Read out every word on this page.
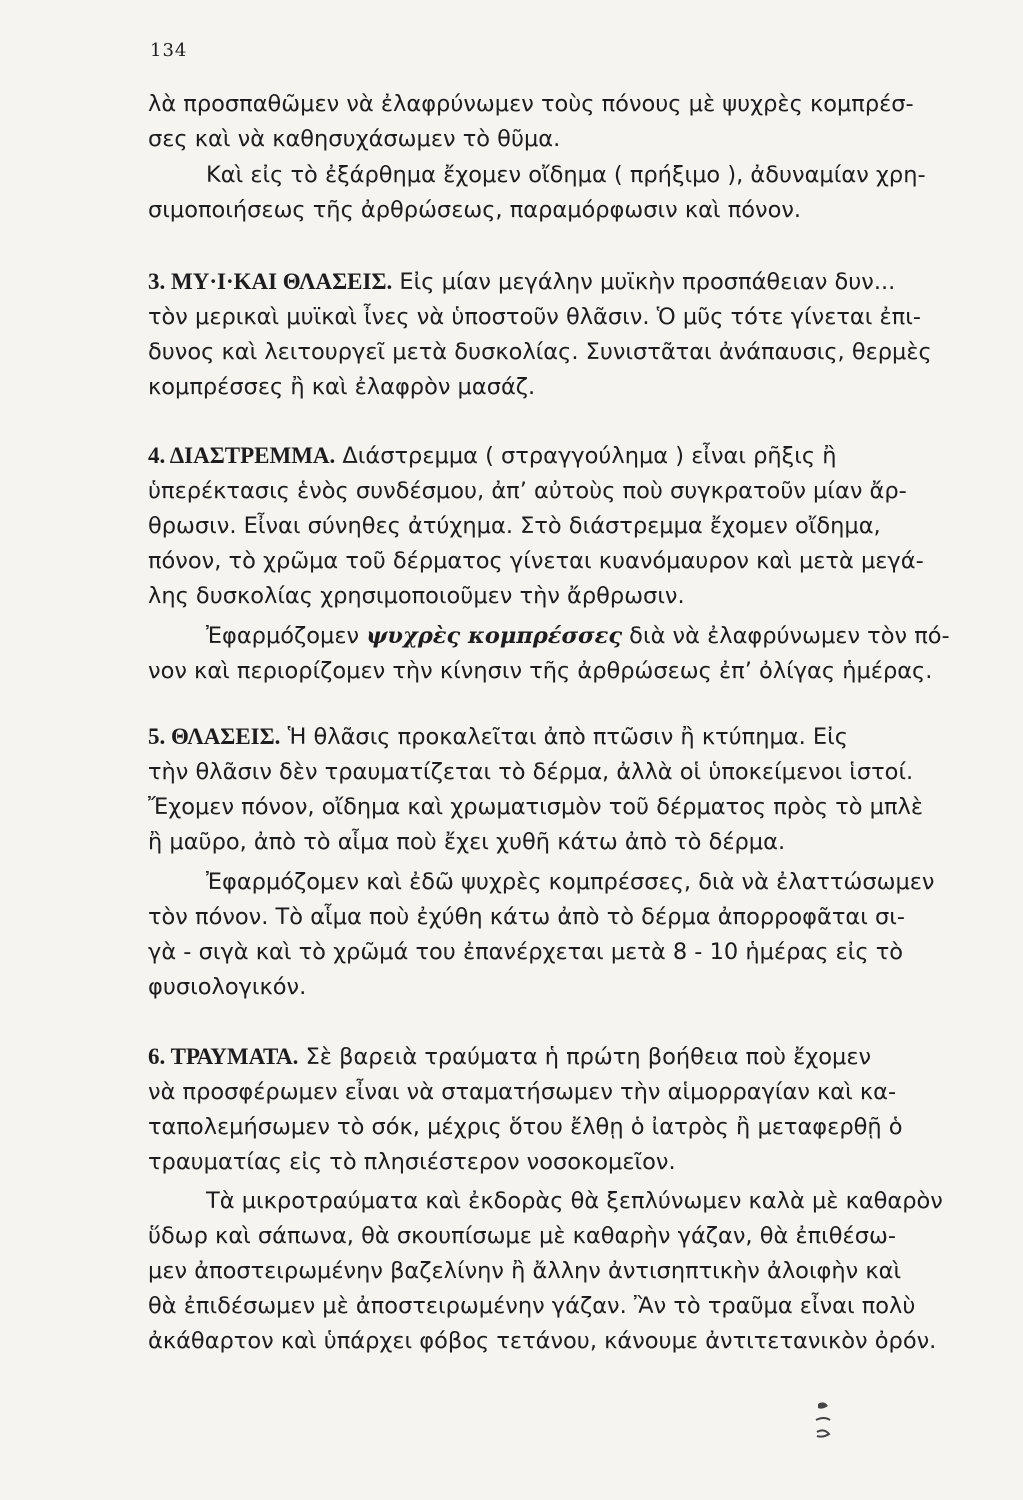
134
λὰ προσπαθῶμεν νὰ ἐλαφρύνωμεν τοὺς πόνους μὲ ψυχρὲς κομπρέσ-
σες καὶ νὰ καθησυχάσωμεν τὸ θῦμα.
Καὶ εἰς τὸ ἐξάρθημα ἔχομεν οἴδημα ( πρήξιμο ), ἀδυναμίαν χρη-
σιμοποιήσεως τῆς ἀρθρώσεως, παραμόρφωσιν καὶ πόνον.
3. ΜΥ·Ι·ΚΑΙ ΘΛΑΣΕΙΣ. Εἰς μίαν μεγάλην μυϊκὴν προσπάθειαν δυν...
τὸν μερικαὶ μυϊκαὶ ἶνες νὰ ὑποστοῦν θλᾶσιν. Ὁ μῦς τότε γίνεται ἐπι-
δυνος καὶ λειτουργεῖ μετὰ δυσκολίας. Συνιστᾶται ἀνάπαυσις, θερμὲς
κομπρέσσες ἢ καὶ ἐλαφρὸν μασάζ.
4. ΔΙΑΣΤΡΕΜΜΑ. Διάστρεμμα ( στραγγούλημα ) εἶναι ρῆξις ἢ
ὑπερέκτασις ἑνὸς συνδέσμου, ἀπ’ αὐτοὺς ποὺ συγκρατοῦν μίαν ἄρ-
θρωσιν. Εἶναι σύνηθες ἀτύχημα. Στὸ διάστρεμμα ἔχομεν οἴδημα,
πόνον, τὸ χρῶμα τοῦ δέρματος γίνεται κυανόμαυρον καὶ μετὰ μεγά-
λης δυσκολίας χρησιμοποιοῦμεν τὴν ἄρθρωσιν.
Ἐφαρμόζομεν ψυχρὲς κομπρέσσες διὰ νὰ ἐλαφρύνωμεν τὸν πό-
νον καὶ περιορίζομεν τὴν κίνησιν τῆς ἀρθρώσεως ἐπ’ ὀλίγας ἡμέρας.
5. ΘΛΑΣΕΙΣ. Ἡ θλᾶσις προκαλεῖται ἀπὸ πτῶσιν ἢ κτύπημα. Εἰς
τὴν θλᾶσιν δὲν τραυματίζεται τὸ δέρμα, ἀλλὰ οἱ ὑποκείμενοι ἱστοί.
Ἔχομεν πόνον, οἴδημα καὶ χρωματισμὸν τοῦ δέρματος πρὸς τὸ μπλὲ
ἢ μαῦρο, ἀπὸ τὸ αἷμα ποὺ ἔχει χυθῆ κάτω ἀπὸ τὸ δέρμα.
Ἐφαρμόζομεν καὶ ἐδῶ ψυχρὲς κομπρέσσες, διὰ νὰ ἐλαττώσωμεν
τὸν πόνον. Τὸ αἷμα ποὺ ἐχύθη κάτω ἀπὸ τὸ δέρμα ἀπορροφᾶται σι-
γὰ - σιγὰ καὶ τὸ χρῶμά του ἐπανέρχεται μετὰ 8 - 10 ἡμέρας εἰς τὸ
φυσιολογικόν.
6. ΤΡΑΥΜΑΤΑ. Σὲ βαρειὰ τραύματα ἡ πρώτη βοήθεια ποὺ ἔχομεν
νὰ προσφέρωμεν εἶναι νὰ σταματήσωμεν τὴν αἱμορραγίαν καὶ κα-
ταπολεμήσωμεν τὸ σόκ, μέχρις ὅτου ἔλθῃ ὁ ἰατρὸς ἢ μεταφερθῇ ὁ
τραυματίας εἰς τὸ πλησιέστερον νοσοκομεῖον.
Τὰ μικροτραύματα καὶ ἐκδορὰς θὰ ξεπλύνωμεν καλὰ μὲ καθαρὸν
ὕδωρ καὶ σάπωνα, θὰ σκουπίσωμε μὲ καθαρὴν γάζαν, θὰ ἐπιθέσω-
μεν ἀποστειρωμένην βαζελίνην ἢ ἄλλην ἀντισηπτικὴν ἀλοιφὴν καὶ
θὰ ἐπιδέσωμεν μὲ ἀποστειρωμένην γάζαν. Ἂν τὸ τραῦμα εἶναι πολὺ
ἀκάθαρτον καὶ ὑπάρχει φόβος τετάνου, κάνουμε ἀντιτετανικὸν ὀρόν.
